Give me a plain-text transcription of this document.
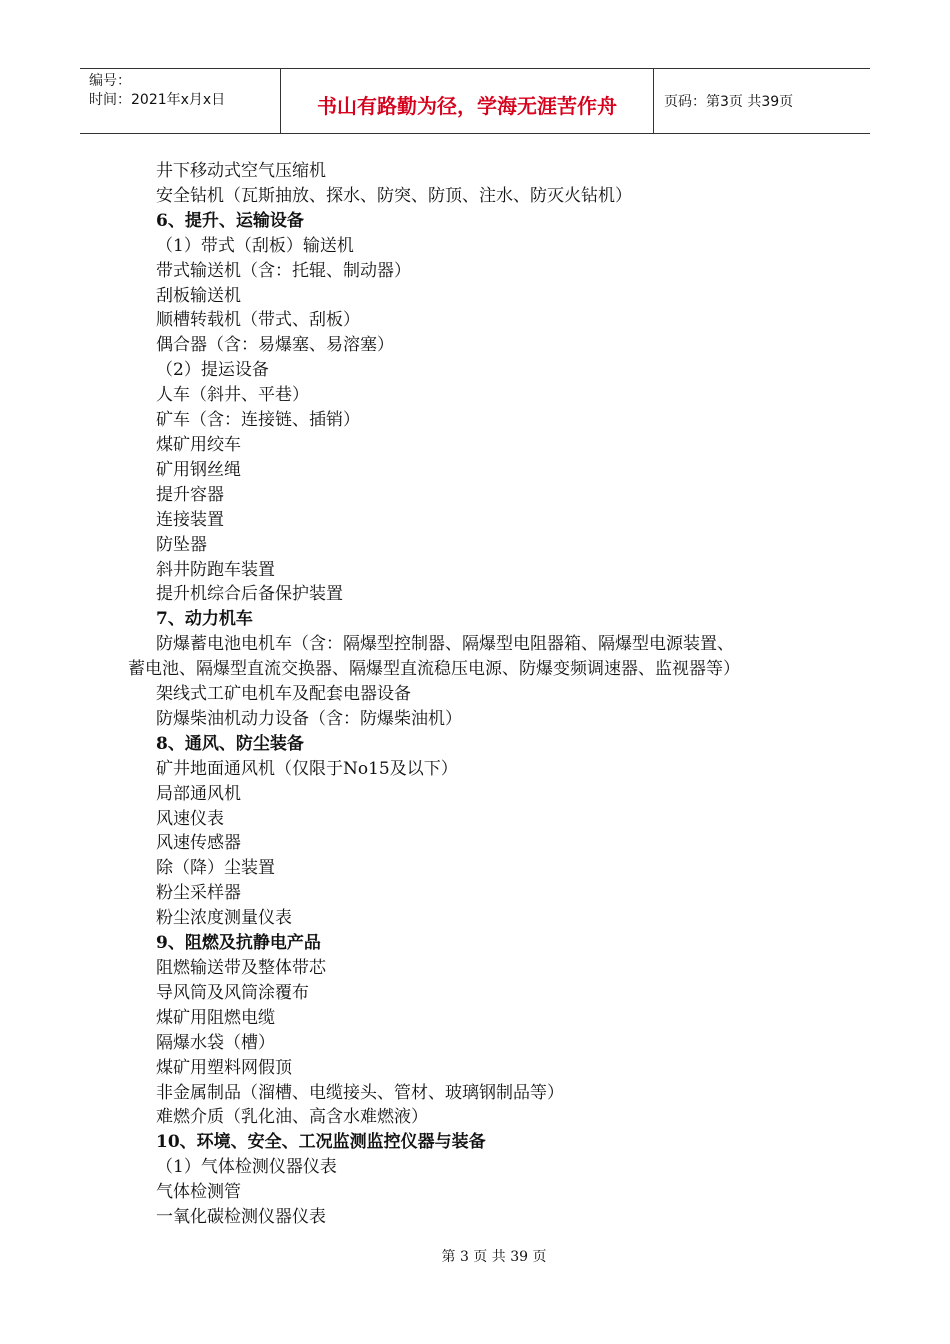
编号：
时间：2021年x月x日	书山有路勤为径，学海无涯苦作舟	页码：第3页 共39页
井下移动式空气压缩机
安全钻机（瓦斯抽放、探水、防突、防顶、注水、防灭火钻机）
6、提升、运输设备
（1）带式（刮板）输送机
带式输送机（含：托辊、制动器）
刮板输送机
顺槽转载机（带式、刮板）
偶合器（含：易爆塞、易溶塞）
（2）提运设备
人车（斜井、平巷）
矿车（含：连接链、插销）
煤矿用绞车
矿用钢丝绳
提升容器
连接装置
防坠器
斜井防跑车装置
提升机综合后备保护装置
7、动力机车
防爆蓄电池电机车（含：隔爆型控制器、隔爆型电阻器箱、隔爆型电源装置、
蓄电池、隔爆型直流交换器、隔爆型直流稳压电源、防爆变频调速器、监视器等）
架线式工矿电机车及配套电器设备
防爆柴油机动力设备（含：防爆柴油机）
8、通风、防尘装备
矿井地面通风机（仅限于No15及以下）
局部通风机
风速仪表
风速传感器
除（降）尘装置
粉尘采样器
粉尘浓度测量仪表
9、阻燃及抗静电产品
阻燃输送带及整体带芯
导风筒及风筒涂覆布
煤矿用阻燃电缆
隔爆水袋（槽）
煤矿用塑料网假顶
非金属制品（溜槽、电缆接头、管材、玻璃钢制品等）
难燃介质（乳化油、高含水难燃液）
10、环境、安全、工况监测监控仪器与装备
（1）气体检测仪器仪表
气体检测管
一氧化碳检测仪器仪表
第 3 页 共 39 页
